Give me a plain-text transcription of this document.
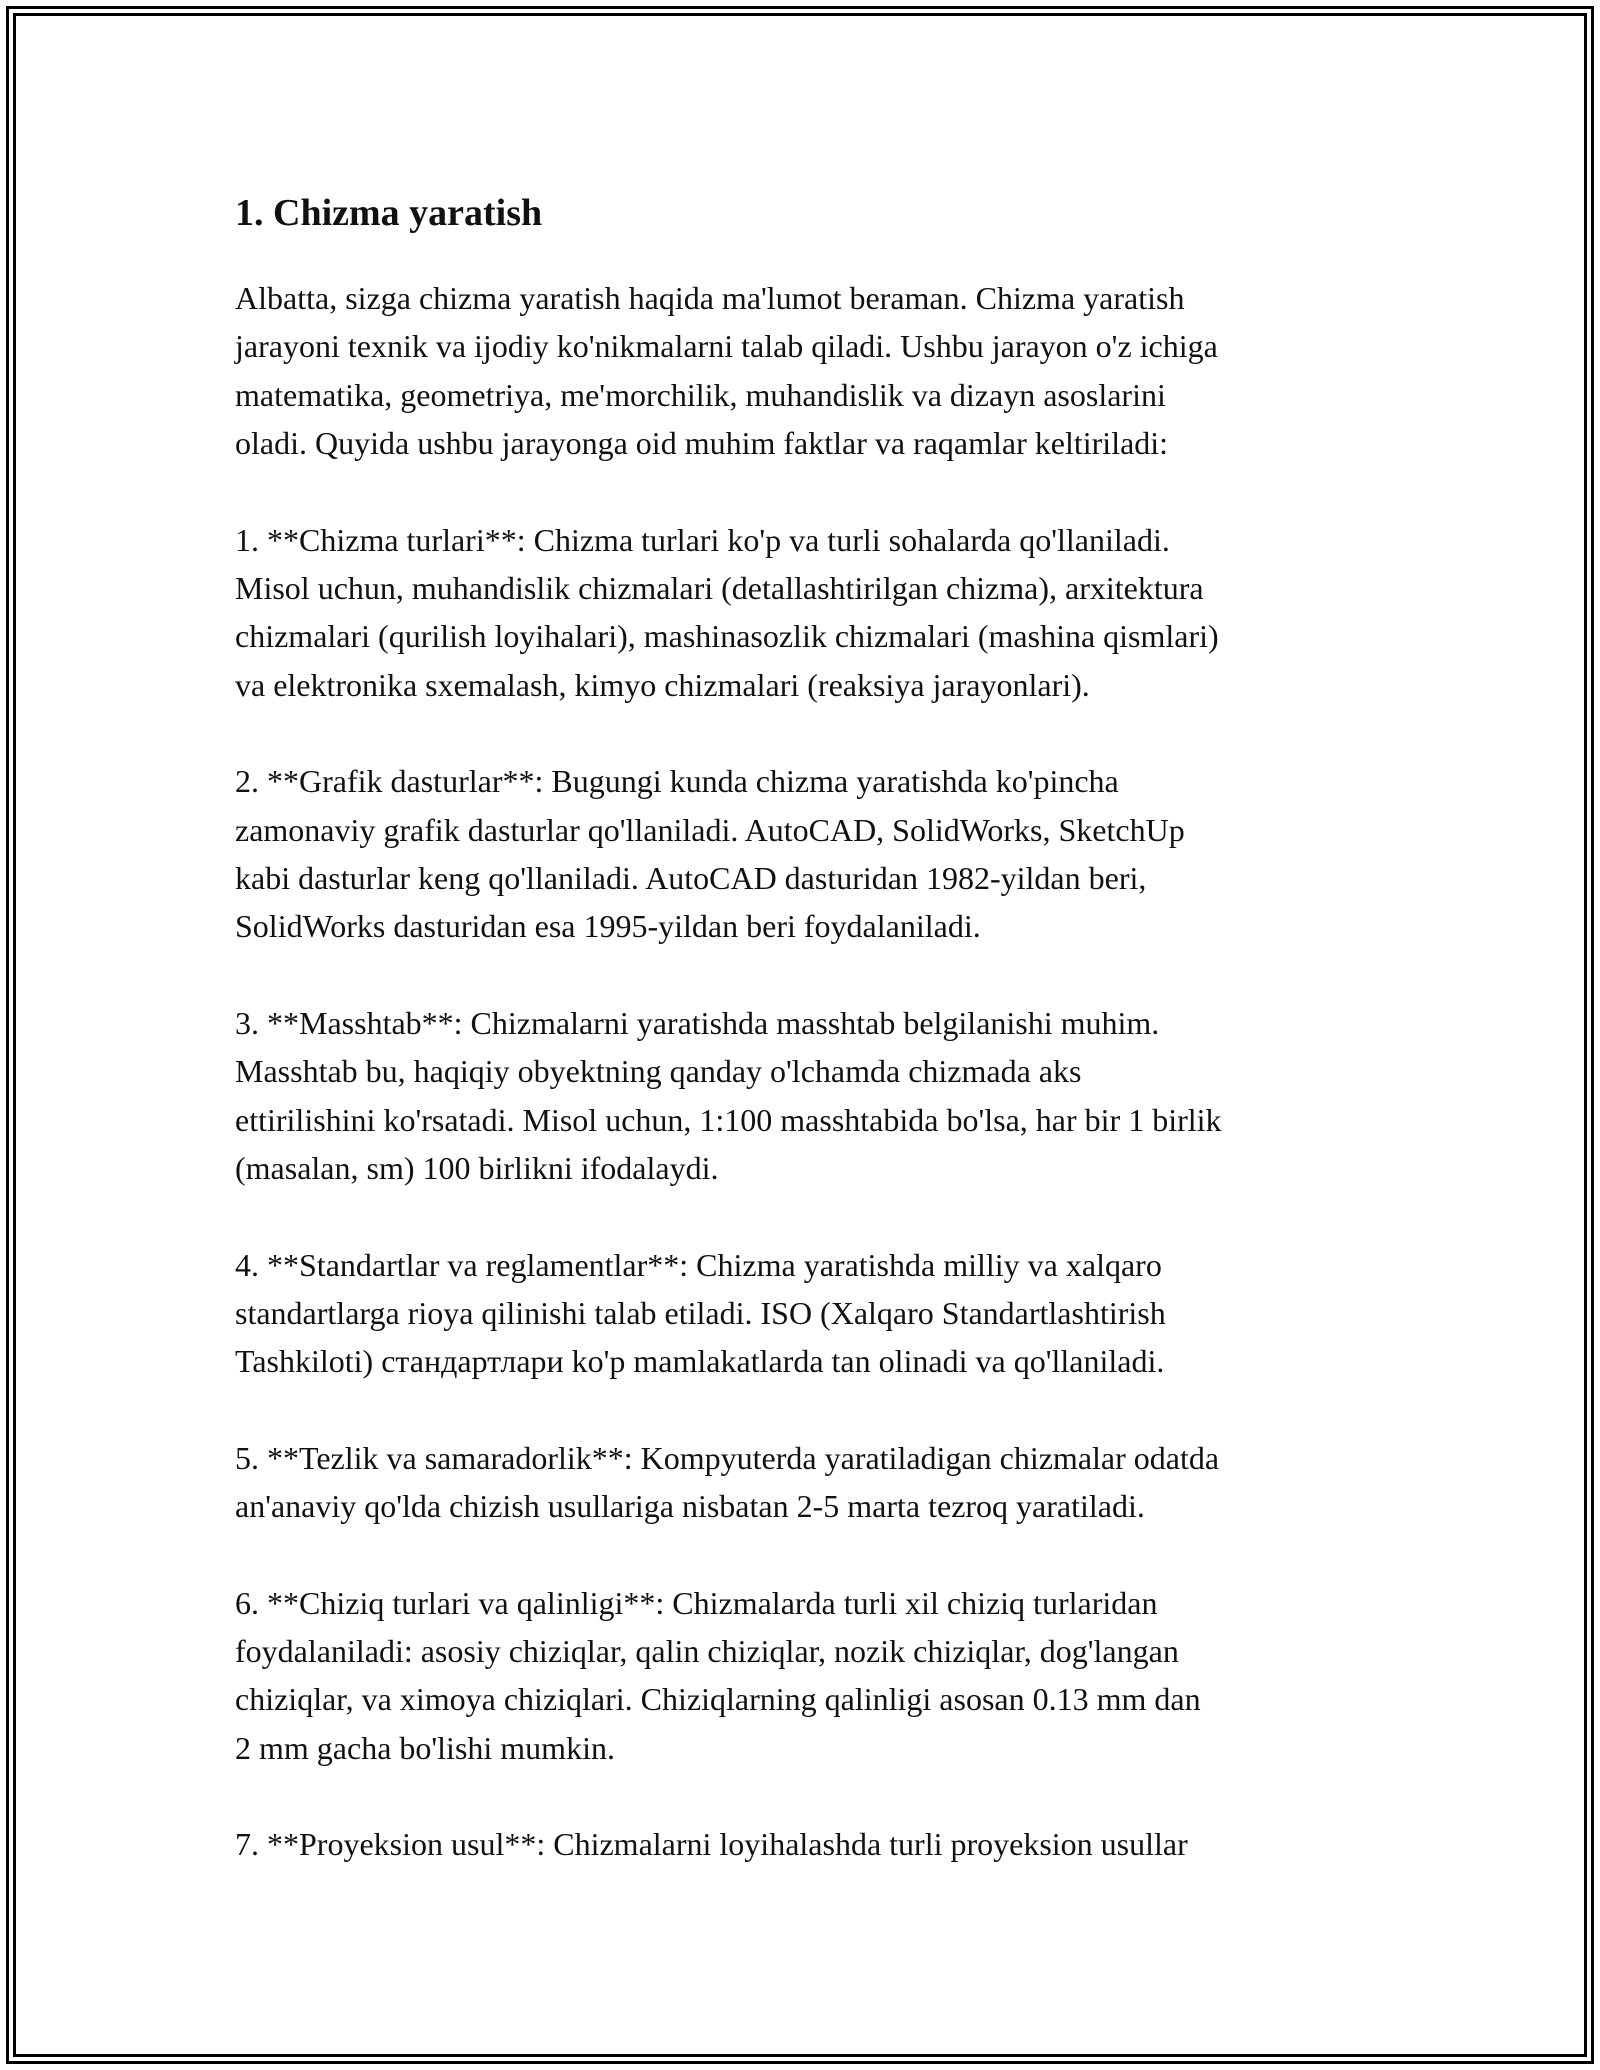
1. Chizma yaratish

Albatta, sizga chizma yaratish haqida ma'lumot beraman. Chizma yaratish
jarayoni texnik va ijodiy ko'nikmalarni talab qiladi. Ushbu jarayon o'z ichiga
matematika, geometriya, me'morchilik, muhandislik va dizayn asoslarini
oladi. Quyida ushbu jarayonga oid muhim faktlar va raqamlar keltiriladi:

1. **Chizma turlari**: Chizma turlari ko'p va turli sohalarda qo'llaniladi.
Misol uchun, muhandislik chizmalari (detallashtirilgan chizma), arxitektura
chizmalari (qurilish loyihalari), mashinasozlik chizmalari (mashina qismlari)
va elektronika sxemalash, kimyo chizmalari (reaksiya jarayonlari).

2. **Grafik dasturlar**: Bugungi kunda chizma yaratishda ko'pincha
zamonaviy grafik dasturlar qo'llaniladi. AutoCAD, SolidWorks, SketchUp
kabi dasturlar keng qo'llaniladi. AutoCAD dasturidan 1982-yildan beri,
SolidWorks dasturidan esa 1995-yildan beri foydalaniladi.

3. **Masshtab**: Chizmalarni yaratishda masshtab belgilanishi muhim.
Masshtab bu, haqiqiy obyektning qanday o'lchamda chizmada aks
ettirilishini ko'rsatadi. Misol uchun, 1:100 masshtabida bo'lsa, har bir 1 birlik
(masalan, sm) 100 birlikni ifodalaydi.

4. **Standartlar va reglamentlar**: Chizma yaratishda milliy va xalqaro
standartlarga rioya qilinishi talab etiladi. ISO (Xalqaro Standartlashtirish
Tashkiloti) стандартлари ko'p mamlakatlarda tan olinadi va qo'llaniladi.

5. **Tezlik va samaradorlik**: Kompyuterda yaratiladigan chizmalar odatda
an'anaviy qo'lda chizish usullariga nisbatan 2-5 marta tezroq yaratiladi.

6. **Chiziq turlari va qalinligi**: Chizmalarda turli xil chiziq turlaridan
foydalaniladi: asosiy chiziqlar, qalin chiziqlar, nozik chiziqlar, dog'langan
chiziqlar, va ximoya chiziqlari. Chiziqlarning qalinligi asosan 0.13 mm dan
2 mm gacha bo'lishi mumkin.

7. **Proyeksion usul**: Chizmalarni loyihalashda turli proyeksion usullar
